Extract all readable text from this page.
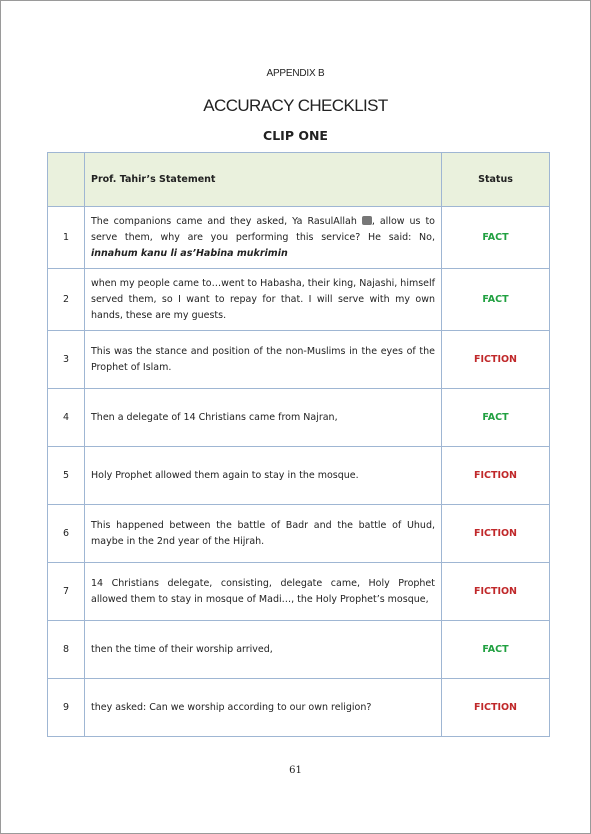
APPENDIX B
ACCURACY CHECKLIST
CLIP ONE
	Prof. Tahir’s Statement	Status
1	The companions came and they asked, Ya RasulAllah , allow us to serve them, why are you performing this service? He said: No, innahum kanu li as’Habina mukrimin	FACT
2	when my people came to…went to Habasha, their king, Najashi, himself served them, so I want to repay for that. I will serve with my own hands, these are my guests.	FACT
3	This was the stance and position of the non-Muslims in the eyes of the Prophet of Islam.	FICTION
4	Then a delegate of 14 Christians came from Najran,	FACT
5	Holy Prophet allowed them again to stay in the mosque.	FICTION
6	This happened between the battle of Badr and the battle of Uhud, maybe in the 2nd year of the Hijrah.	FICTION
7	14 Christians delegate, consisting, delegate came, Holy Prophet allowed them to stay in mosque of Madi…, the Holy Prophet’s mosque,	FICTION
8	then the time of their worship arrived,	FACT
9	they asked: Can we worship according to our own religion?	FICTION
61
